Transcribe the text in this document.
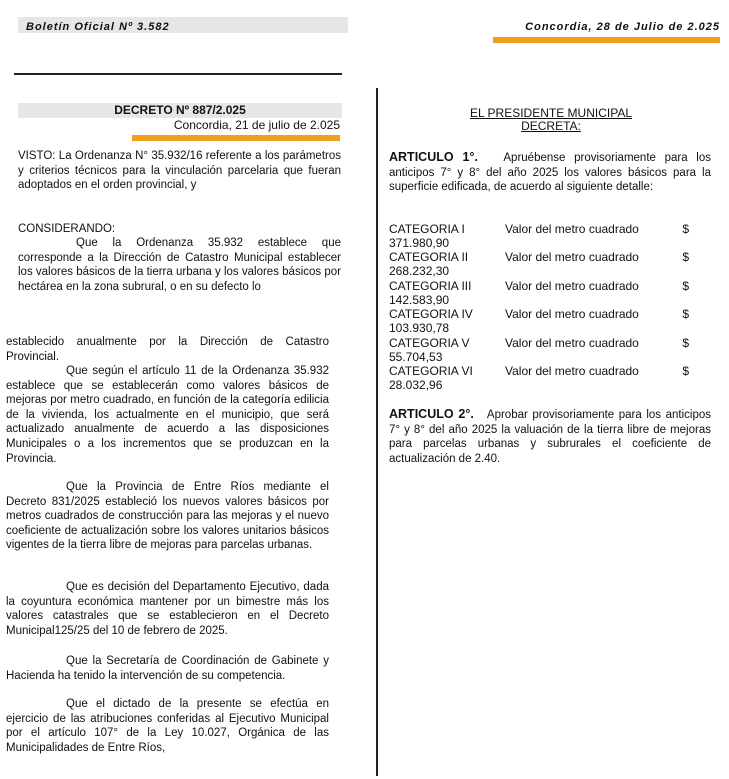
Boletín Oficial Nº 3.582	Concordia, 28 de Julio de 2.025
DECRETO Nº 887/2.025
Concordia, 21 de julio de 2.025

VISTO: La Ordenanza N° 35.932/16 referente a los parámetros y criterios técnicos para la vinculación parcelaria que fueran adoptados en el orden provincial, y

CONSIDERANDO:

Que la Ordenanza 35.932 establece que corresponde a la Dirección de Catastro Municipal establecer los valores básicos de la tierra urbana y los valores básicos por hectárea en la zona subrural, o en su defecto lo

establecido anualmente por la Dirección de Catastro Provincial.

Que según el artículo 11 de la Ordenanza 35.932 establece que se establecerán como valores básicos de mejoras por metro cuadrado, en función de la categoría edilicia de la vivienda, los actualmente en el municipio, que será actualizado anualmente de acuerdo a las disposiciones Municipales o a los incrementos que se produzcan en la Provincia.

Que la Provincia de Entre Ríos mediante el Decreto 831/2025 estableció los nuevos valores básicos por metros cuadrados de construcción para las mejoras y el nuevo coeficiente de actualización sobre los valores unitarios básicos vigentes de la tierra libre de mejoras para parcelas urbanas.

Que es decisión del Departamento Ejecutivo, dada la coyuntura económica mantener por un bimestre más los valores catastrales que se establecieron en el Decreto Municipal125/25 del 10 de febrero de 2025.

Que la Secretaría de Coordinación de Gabinete y Hacienda ha tenido la intervención de su competencia.

Que el dictado de la presente se efectúa en ejercicio de las atribuciones conferidas al Ejecutivo Municipal por el artículo 107° de la Ley 10.027, Orgánica de las Municipalidades de Entre Ríos,

EL PRESIDENTE MUNICIPAL
DECRETA:

ARTICULO 1°. Apruébense provisoriamente para los anticipos 7° y 8° del año 2025 los valores básicos para la superficie edificada, de acuerdo al siguiente detalle:

CATEGORIA I	Valor del metro cuadrado	$
371.980,90
CATEGORIA II	Valor del metro cuadrado	$
268.232,30
CATEGORIA III	Valor del metro cuadrado	$
142.583,90
CATEGORIA IV	Valor del metro cuadrado	$
103.930,78
CATEGORIA V	Valor del metro cuadrado	$
55.704,53
CATEGORIA VI	Valor del metro cuadrado	$
28.032,96

ARTICULO 2°. Aprobar provisoriamente para los anticipos 7° y 8° del año 2025 la valuación de la tierra libre de mejoras para parcelas urbanas y subrurales el coeficiente de actualización de 2.40.
